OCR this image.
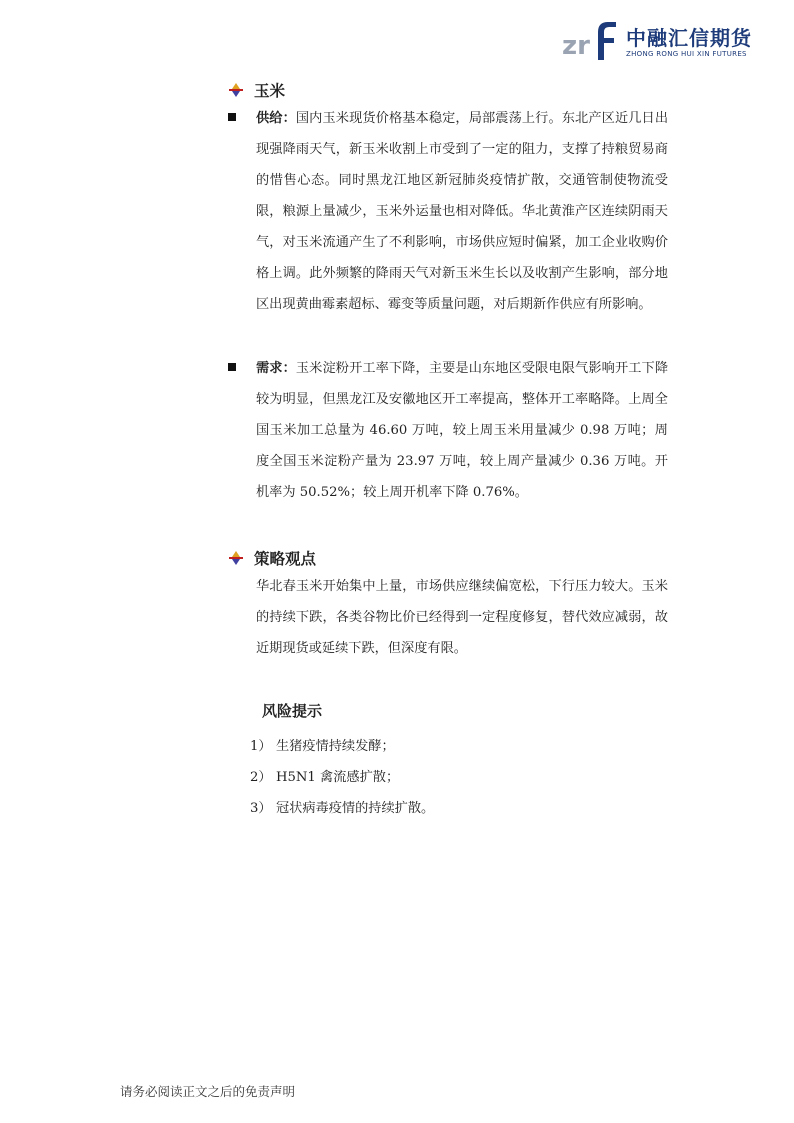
zr 中融汇信期货
ZHONG RONG HUI XIN FUTURES
玉米
供给：国内玉米现货价格基本稳定，局部震荡上行。东北产区近几日出现强降雨天气，新玉米收割上市受到了一定的阻力，支撑了持粮贸易商的惜售心态。同时黑龙江地区新冠肺炎疫情扩散，交通管制使物流受限，粮源上量减少，玉米外运量也相对降低。华北黄淮产区连续阴雨天气，对玉米流通产生了不利影响，市场供应短时偏紧，加工企业收购价格上调。此外频繁的降雨天气对新玉米生长以及收割产生影响，部分地区出现黄曲霉素超标、霉变等质量问题，对后期新作供应有所影响。
需求：玉米淀粉开工率下降，主要是山东地区受限电限气影响开工下降较为明显，但黑龙江及安徽地区开工率提高，整体开工率略降。上周全国玉米加工总量为 46.60 万吨，较上周玉米用量减少 0.98 万吨；周度全国玉米淀粉产量为 23.97 万吨，较上周产量减少 0.36 万吨。开机率为 50.52%；较上周开机率下降 0.76%。
策略观点
华北春玉米开始集中上量，市场供应继续偏宽松，下行压力较大。玉米的持续下跌，各类谷物比价已经得到一定程度修复，替代效应减弱，故近期现货或延续下跌，但深度有限。
风险提示
1） 生猪疫情持续发酵；
2） H5N1 禽流感扩散；
3） 冠状病毒疫情的持续扩散。
请务必阅读正文之后的免责声明
